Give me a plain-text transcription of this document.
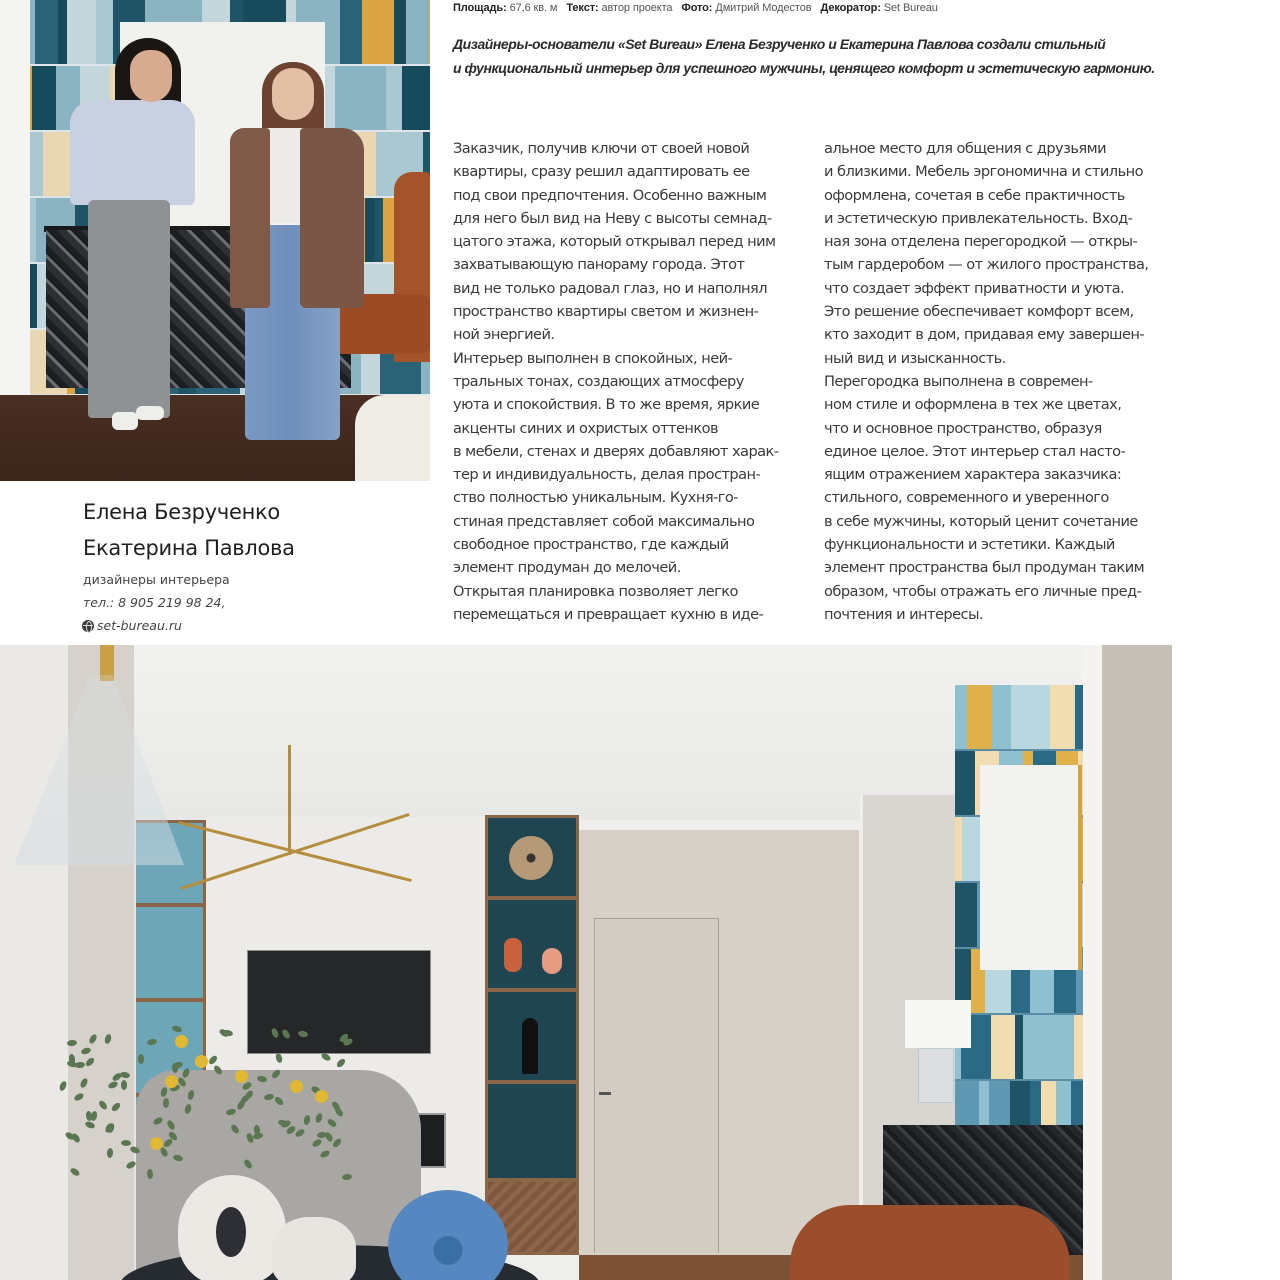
Площадь: 67,6 кв. м Текст: автор проекта Фото: Дмитрий Модестов Декоратор: Set Bureau
Дизайнеры-основатели «Set Bureau» Елена Безрученко и Екатерина Павлова создали стильный
и функциональный интерьер для успешного мужчины, ценящего комфорт и эстетическую гармонию.

Заказчик, получив ключи от своей новой

квартиры, сразу решил адаптировать ее

под свои предпочтения. Особенно важным

для него был вид на Неву с высоты семнад-

цатого этажа, который открывал перед ним

захватывающую панораму города. Этот

вид не только радовал глаз, но и наполнял

пространство квартиры светом и жизнен-

ной энергией.

Интерьер выполнен в спокойных, ней-

тральных тонах, создающих атмосферу

уюта и спокойствия. В то же время, яркие

акценты синих и охристых оттенков

в мебели, стенах и дверях добавляют харак-

тер и индивидуальность, делая простран-

ство полностью уникальным. Кухня-го-

стиная представляет собой максимально

свободное пространство, где каждый

элемент продуман до мелочей.

Открытая планировка позволяет легко

перемещаться и превращает кухню в иде-

альное место для общения с друзьями

и близкими. Мебель эргономична и стильно

оформлена, сочетая в себе практичность

и эстетическую привлекательность. Вход-

ная зона отделена перегородкой — откры-

тым гардеробом — от жилого пространства,

что создает эффект приватности и уюта.

Это решение обеспечивает комфорт всем,

кто заходит в дом, придавая ему завершен-

ный вид и изысканность.

Перегородка выполнена в современ-

ном стиле и оформлена в тех же цветах,

что и основное пространство, образуя

единое целое. Этот интерьер стал насто-

ящим отражением характера заказчика:

стильного, современного и уверенного

в себе мужчины, который ценит сочетание

функциональности и эстетики. Каждый

элемент пространства был продуман таким

образом, чтобы отражать его личные пред-

почтения и интересы.

Елена Безрученко
Екатерина Павлова
дизайнеры интерьера
тел.: 8 905 219 98 24,
set-bureau.ru
